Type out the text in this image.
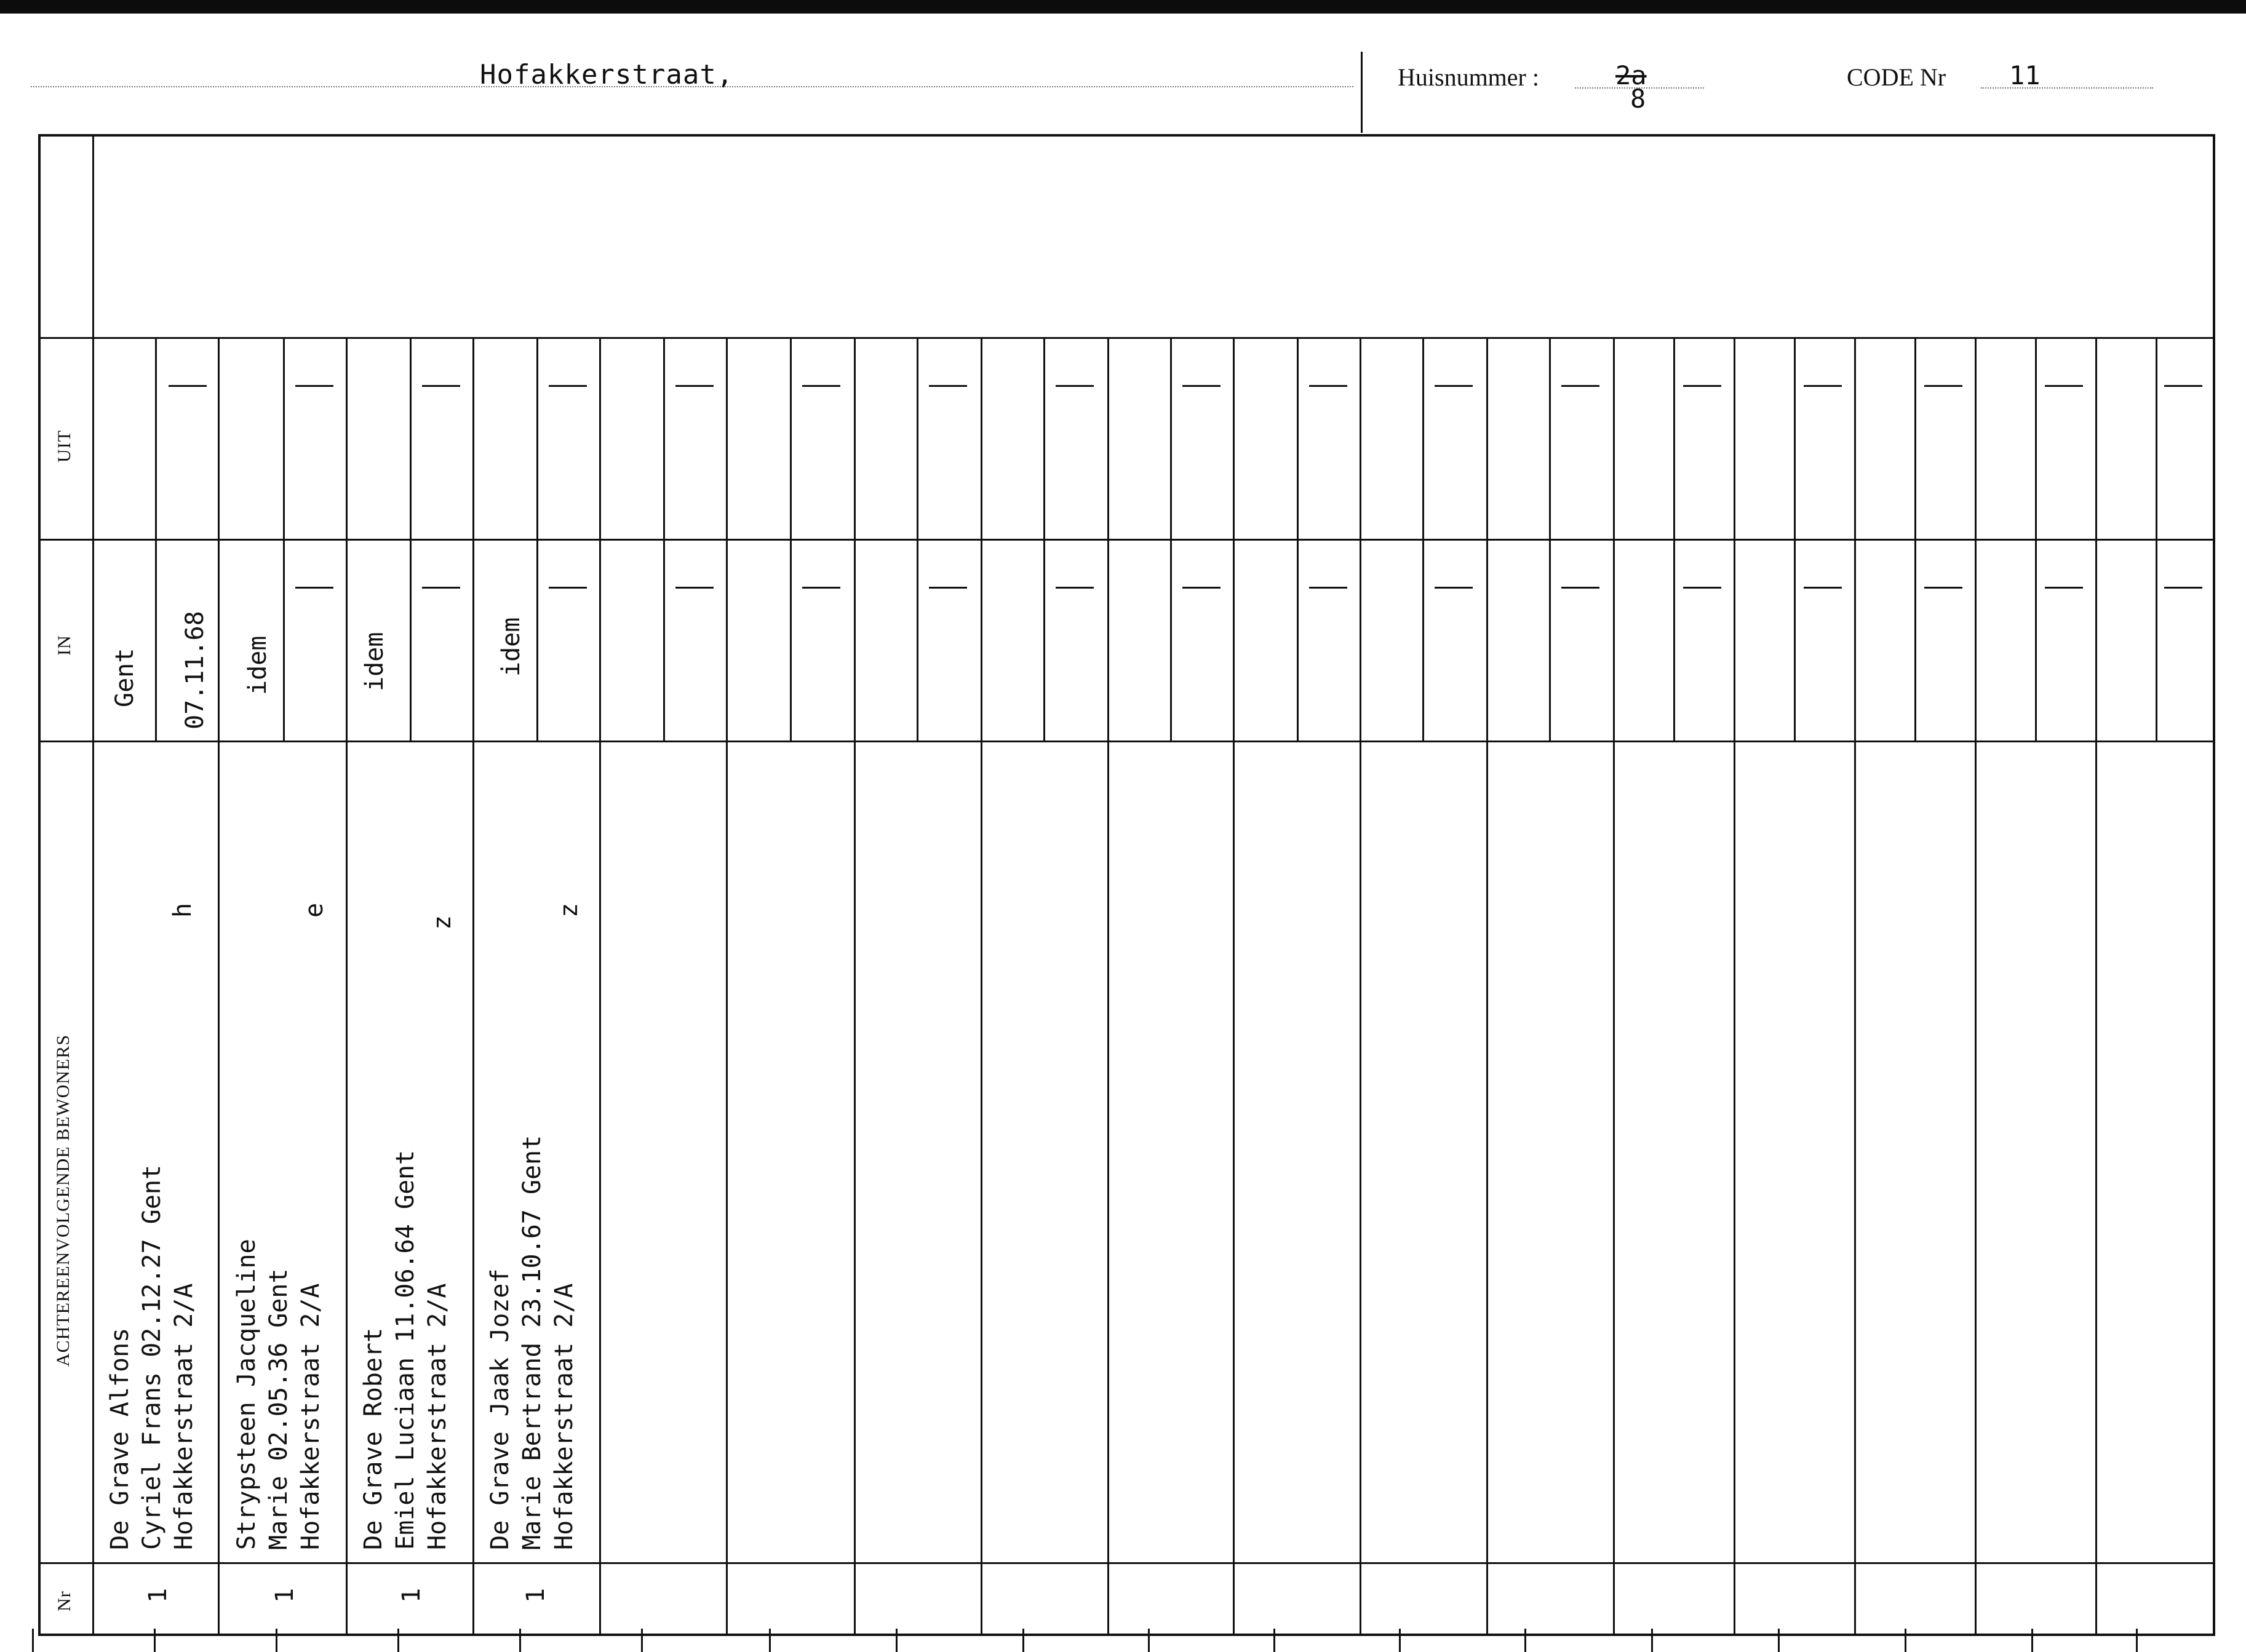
Hofakkerstraat,	Huisnummer :	2a
8
CODE Nr 11
UIT
IN
ACHTEREENVOLGENDE BEWONERS
Nr
Gent 07.11.68
De Grave Alfons Cyriel Frans 02.12.27 Gent Hofakkerstraat 2/A
h
1
idem
Strypsteen Jacqueline Marie 02.05.36 Gent Hofakkerstraat 2/A
e
1
idem
De Grave Robert Emiel Luciaan 11.06.64 Gent Hofakkerstraat 2/A
z
1
idem
De Grave Jaak Jozef Marie Bertrand 23.10.67 Gent Hofakkerstraat 2/A
z
1
